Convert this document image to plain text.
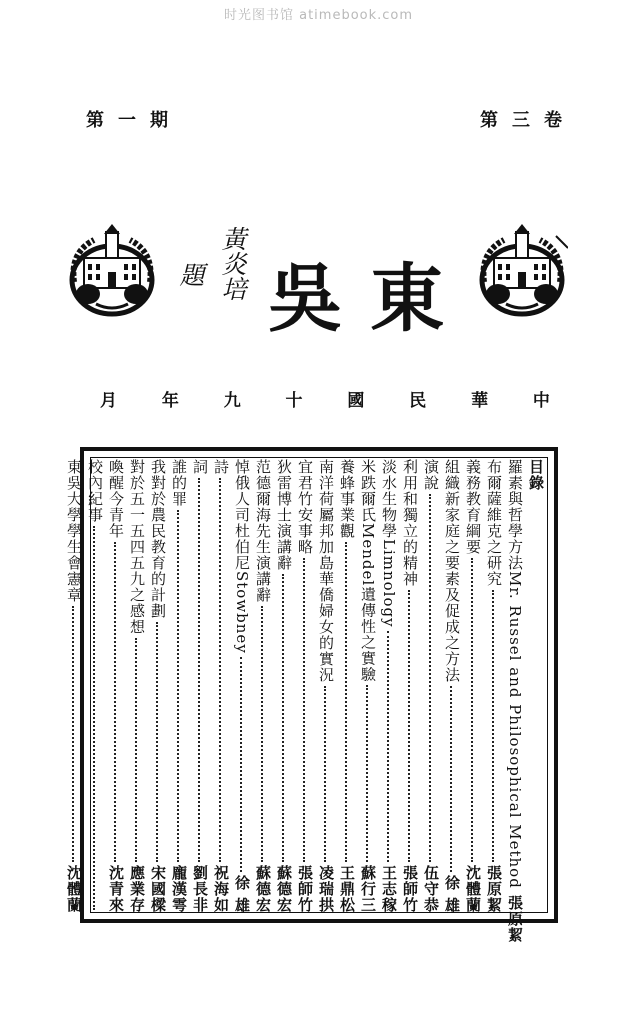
时光图书馆 atimebook.com
第三卷
第一期
東吳
黃炎培
題
中
華
民
國
十
九
年
月
目錄
羅素與哲學方法Mr. Russel and Philosophical Method
張原絜
布爾薩維克之研究
張原絜
義務教育綱要
沈體蘭
組織新家庭之要素及促成之方法
徐 雄
演說
伍守恭
利用和獨立的精神
張師竹
淡水生物學Limnology
王志稼
米跌爾氏Mendel遺傳性之實驗
蘇行三
養蜂事業觀
王鼎松
南洋荷屬邦加島華僑婦女的實況
凌瑞拱
宜君竹安事略
張師竹
狄雷博士演講辭
蘇德宏
范德爾海先生演講辭
蘇德宏
悼俄人司杜伯尼Stowbney
徐 雄
詩
祝海如
詞
劉長非
誰的罪
龐漢雩
我對於農民教育的計劃
宋國樑
對於五一五四五九之感想
應業存
喚醒今青年
沈青來
校內紀事
東吳大學學生會憲章
沈體蘭
